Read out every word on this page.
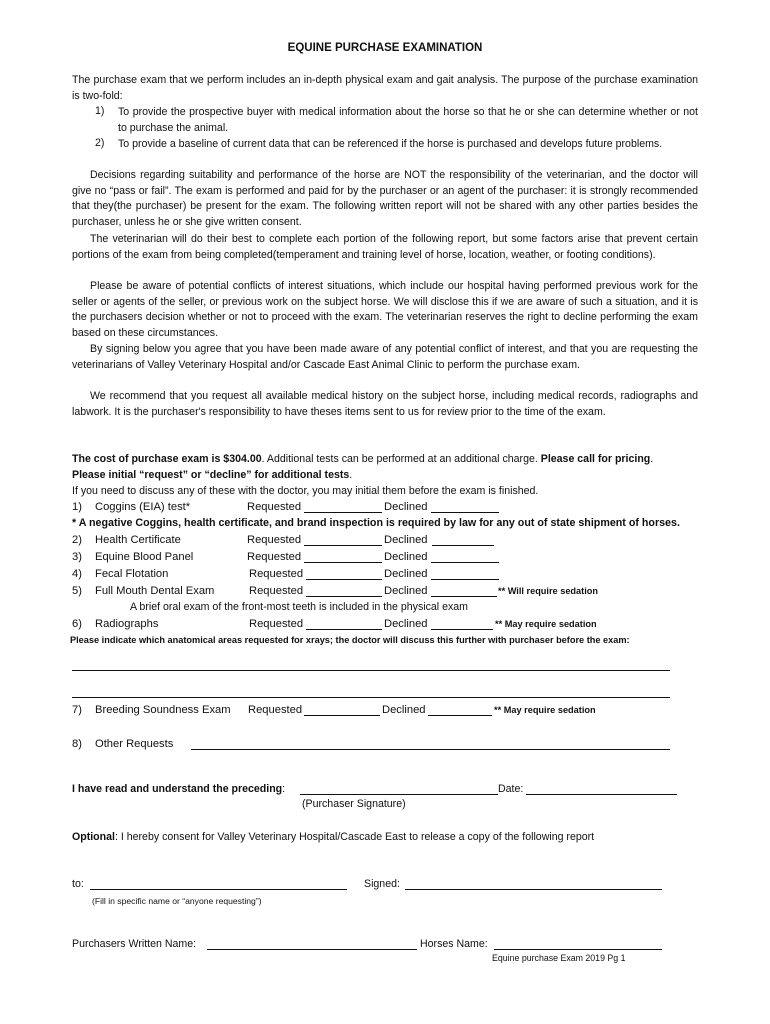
EQUINE PURCHASE EXAMINATION

The purchase exam that we perform includes an in-depth physical exam and gait analysis. The purpose of the purchase examination is two-fold:

1) To provide the prospective buyer with medical information about the horse so that he or she can determine whether or not to purchase the animal.

2) To provide a baseline of current data that can be referenced if the horse is purchased and develops future problems.

Decisions regarding suitability and performance of the horse are NOT the responsibility of the veterinarian, and the doctor will give no “pass or fail”. The exam is performed and paid for by the purchaser or an agent of the purchaser: it is strongly recommended that they(the purchaser) be present for the exam. The following written report will not be shared with any other parties besides the purchaser, unless he or she give written consent.

The veterinarian will do their best to complete each portion of the following report, but some factors arise that prevent certain portions of the exam from being completed(temperament and training level of horse, location, weather, or footing conditions).

Please be aware of potential conflicts of interest situations, which include our hospital having performed previous work for the seller or agents of the seller, or previous work on the subject horse. We will disclose this if we are aware of such a situation, and it is the purchasers decision whether or not to proceed with the exam. The veterinarian reserves the right to decline performing the exam based on these circumstances.

By signing below you agree that you have been made aware of any potential conflict of interest, and that you are requesting the veterinarians of Valley Veterinary Hospital and/or Cascade East Animal Clinic to perform the purchase exam.

We recommend that you request all available medical history on the subject horse, including medical records, radiographs and labwork. It is the purchaser's responsibility to have theses items sent to us for review prior to the time of the exam.

The cost of purchase exam is $304.00. Additional tests can be performed at an additional charge. Please call for pricing.
Please initial “request” or “decline” for additional tests.
If you need to discuss any of these with the doctor, you may initial them before the exam is finished.
1) Coggins (EIA) test*	Requested	Declined
* A negative Coggins, health certificate, and brand inspection is required by law for any out of state shipment of horses.
2) Health Certificate	Requested	Declined
3) Equine Blood Panel	Requested	Declined
4) Fecal Flotation	Requested	Declined
5) Full Mouth Dental Exam	Requested	Declined	** Will require sedation
A brief oral exam of the front-most teeth is included in the physical exam
6) Radiographs	Requested	Declined	** May require sedation
Please indicate which anatomical areas requested for xrays; the doctor will discuss this further with purchaser before the exam:
7) Breeding Soundness Exam Requested	Declined	** May require sedation
8) Other Requests
I have read and understand the preceding:	Date:
(Purchaser Signature)
Optional: I hereby consent for Valley Veterinary Hospital/Cascade East to release a copy of the following report
to:	Signed:
(Fill in specific name or “anyone requesting”)
Purchasers Written Name:	Horses Name:
Equine purchase Exam 2019 Pg 1
